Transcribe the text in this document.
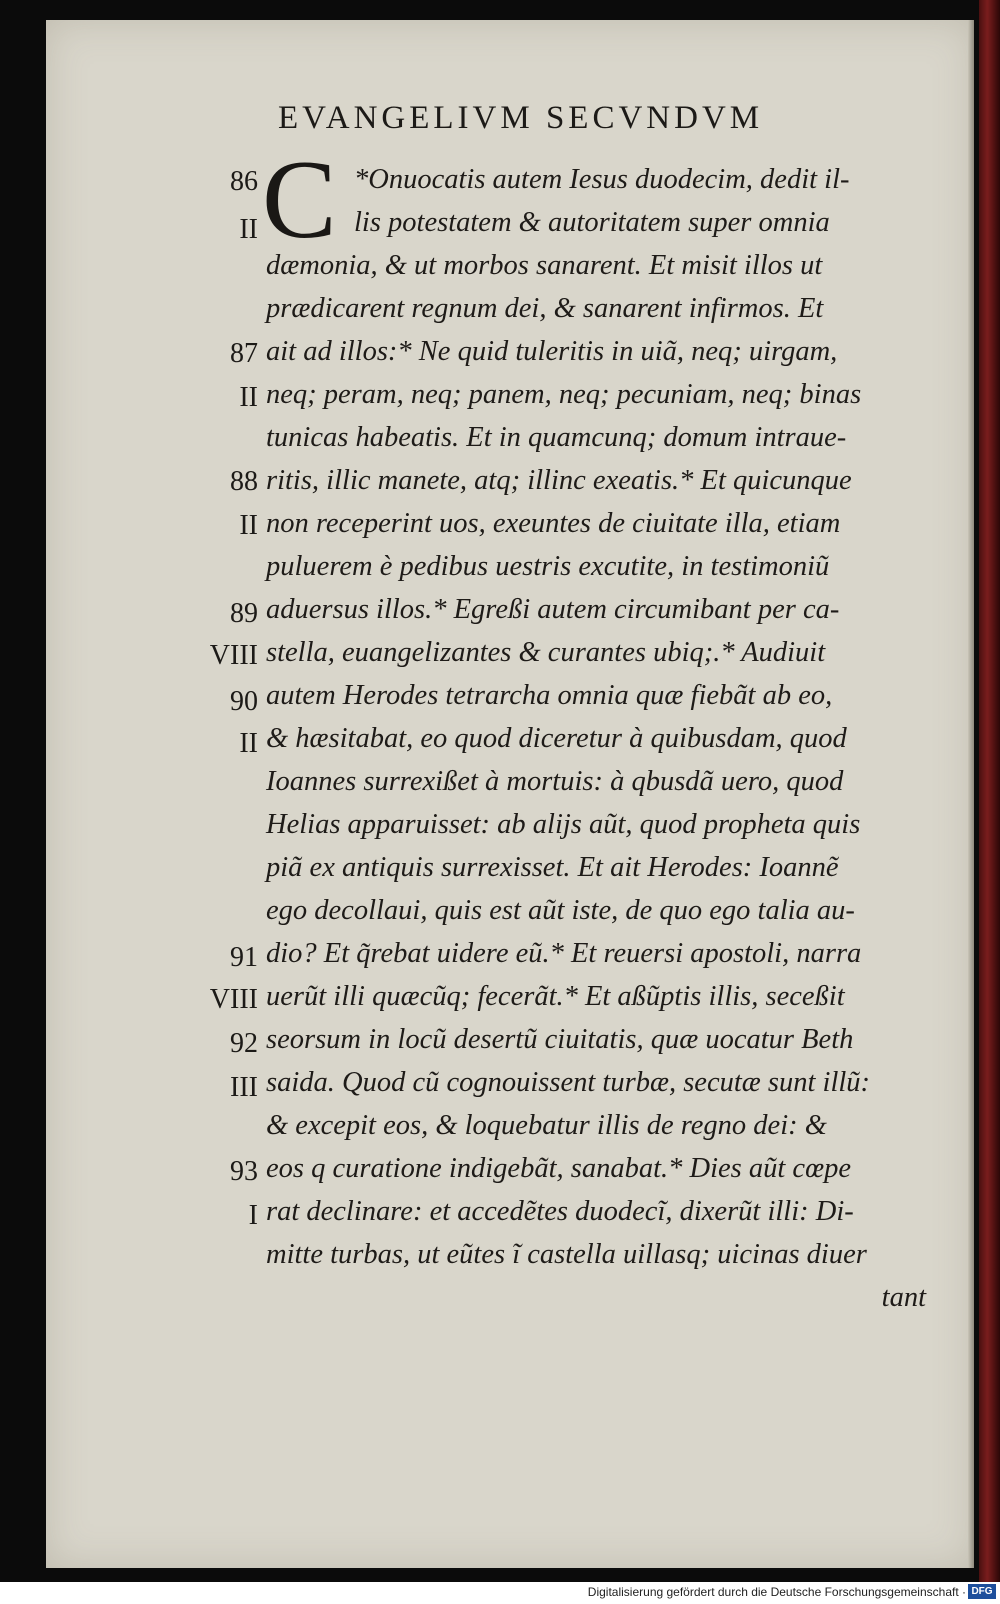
EVANGELIVM SECVNDVM
C
86
II
87
II
88
II
89
VIII
90
II
91
VIII
92
III
93
I
*Onuocatis autem Iesus duodecim, dedit il-
lis potestatem & autoritatem super omnia
dæmonia, & ut morbos sanarent. Et misit illos ut
prædicarent regnum dei, & sanarent infirmos. Et
ait ad illos:* Ne quid tuleritis in uiã, neq; uirgam,
neq; peram, neq; panem, neq; pecuniam, neq; binas
tunicas habeatis. Et in quamcunq; domum intraue-
ritis, illic manete, atq; illinc exeatis.* Et quicunque
non receperint uos, exeuntes de ciuitate illa, etiam
puluerem è pedibus uestris excutite, in testimoniũ
aduersus illos.* Egreßi autem circumibant per ca-
stella, euangelizantes & curantes ubiq;.* Audiuit
autem Herodes tetrarcha omnia quæ fiebãt ab eo,
& hæsitabat, eo quod diceretur à quibusdam, quod
Ioannes surrexißet à mortuis: à qbusdã uero, quod
Helias apparuisset: ab alijs aũt, quod propheta quis
piã ex antiquis surrexisset. Et ait Herodes: Ioannẽ
ego decollaui, quis est aũt iste, de quo ego talia au-
dio? Et q̃rebat uidere eũ.* Et reuersi apostoli, narra
uerũt illi quæcũq; fecerãt.* Et aßũptis illis, seceßit
seorsum in locũ desertũ ciuitatis, quæ uocatur Beth
saida. Quod cũ cognouissent turbæ, secutæ sunt illũ:
& excepit eos, & loquebatur illis de regno dei: &
eos q curatione indigebãt, sanabat.* Dies aũt cœpe
rat declinare: et accedẽtes duodecĩ, dixerũt illi: Di-
mitte turbas, ut eũtes ĩ castella uillasq; uicinas diuer
tant
Digitalisierung gefördert durch die Deutsche Forschungsgemeinschaft · DFG
